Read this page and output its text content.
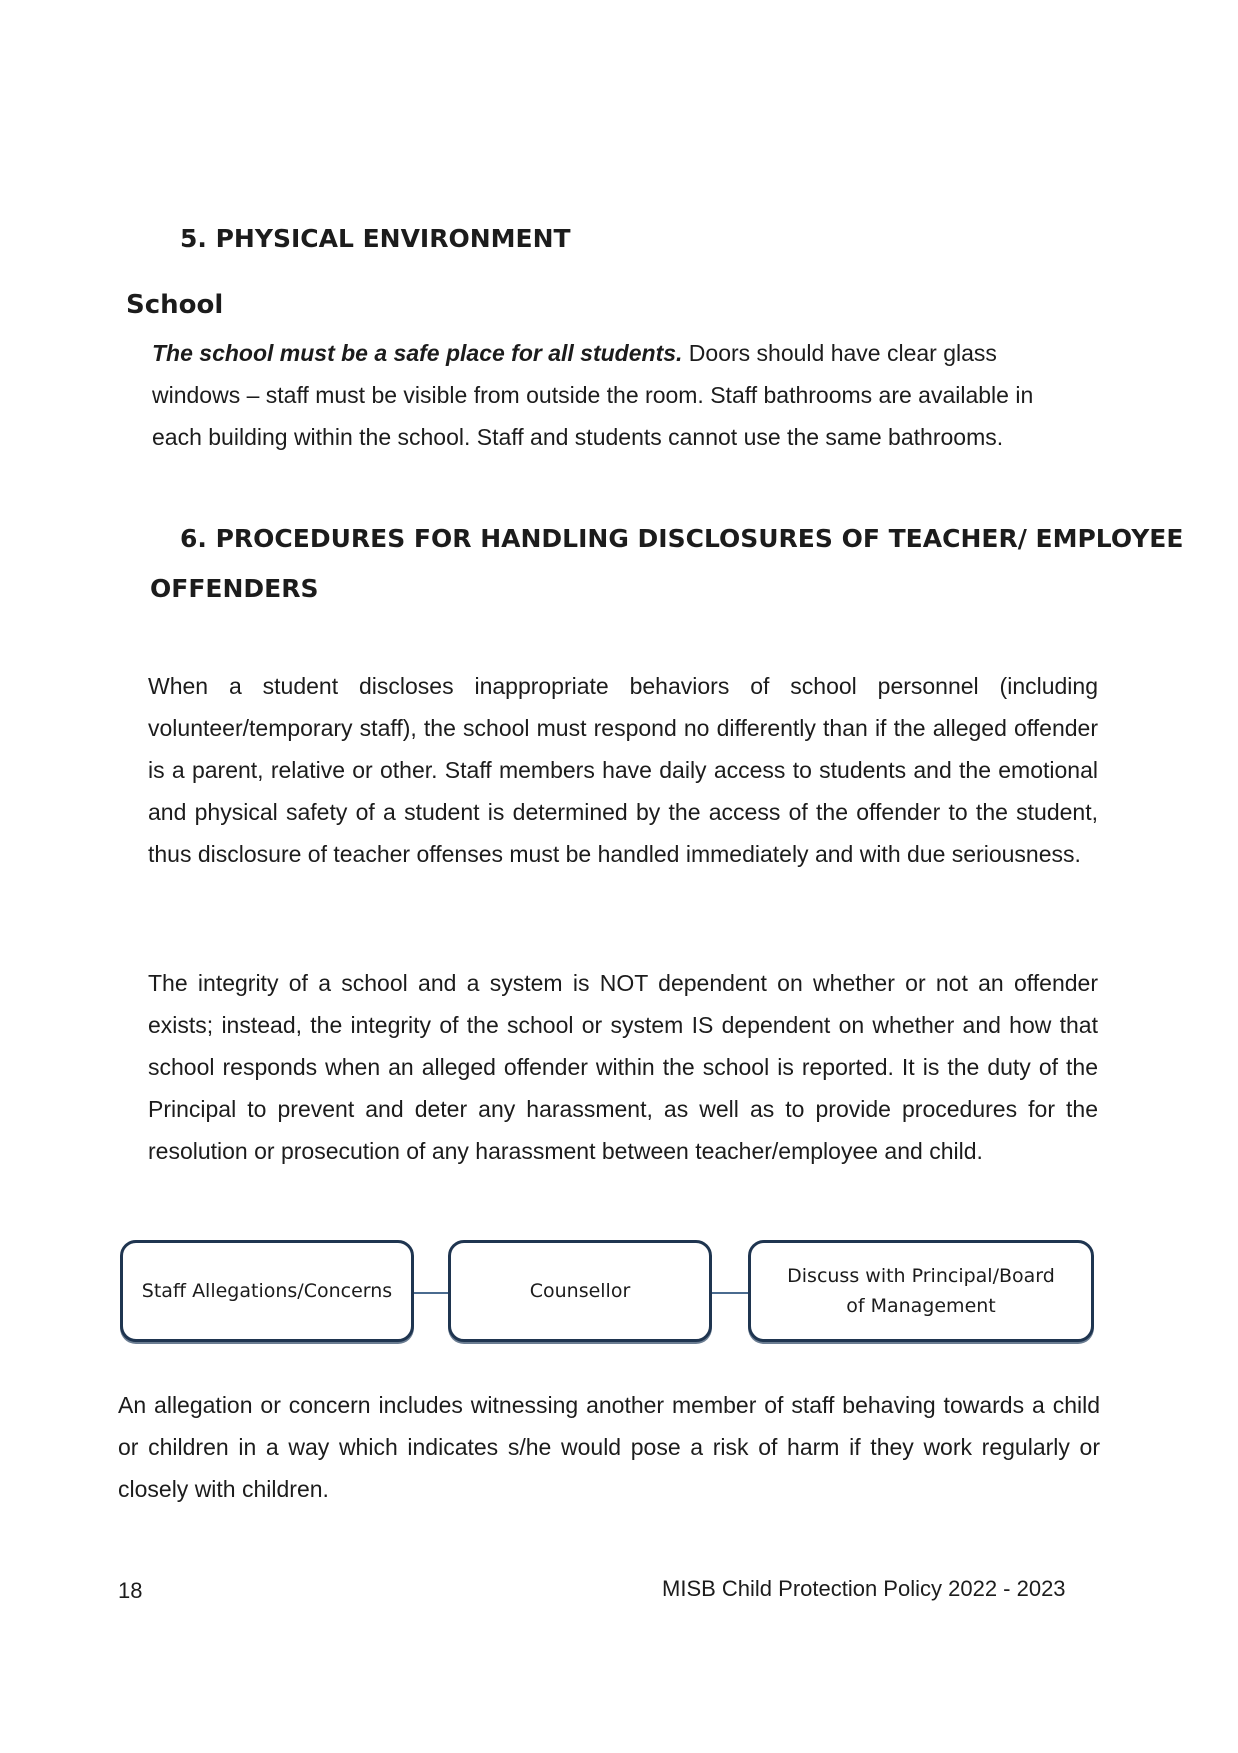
5. PHYSICAL ENVIRONMENT
School

The school must be a safe place for all students. Doors should have clear glass windows – staff must be visible from outside the room. Staff bathrooms are available in each building within the school. Staff and students cannot use the same bathrooms.

6. PROCEDURES FOR HANDLING DISCLOSURES OF TEACHER/ EMPLOYEE
OFFENDERS

When a student discloses inappropriate behaviors of school personnel (including volunteer/temporary staff), the school must respond no differently than if the alleged offender is a parent, relative or other. Staff members have daily access to students and the emotional and physical safety of a student is determined by the access of the offender to the student, thus disclosure of teacher offenses must be handled immediately and with due seriousness.

The integrity of a school and a system is NOT dependent on whether or not an offender exists; instead, the integrity of the school or system IS dependent on whether and how that school responds when an alleged offender within the school is reported. It is the duty of the Principal to prevent and deter any harassment, as well as to provide procedures for the resolution or prosecution of any harassment between teacher/employee and child.

Staff Allegations/Concerns	Counsellor
Discuss with Principal/Board of Management

An allegation or concern includes witnessing another member of staff behaving towards a child or children in a way which indicates s/he would pose a risk of harm if they work regularly or closely with children.

18	MISB Child Protection Policy 2022 - 2023
